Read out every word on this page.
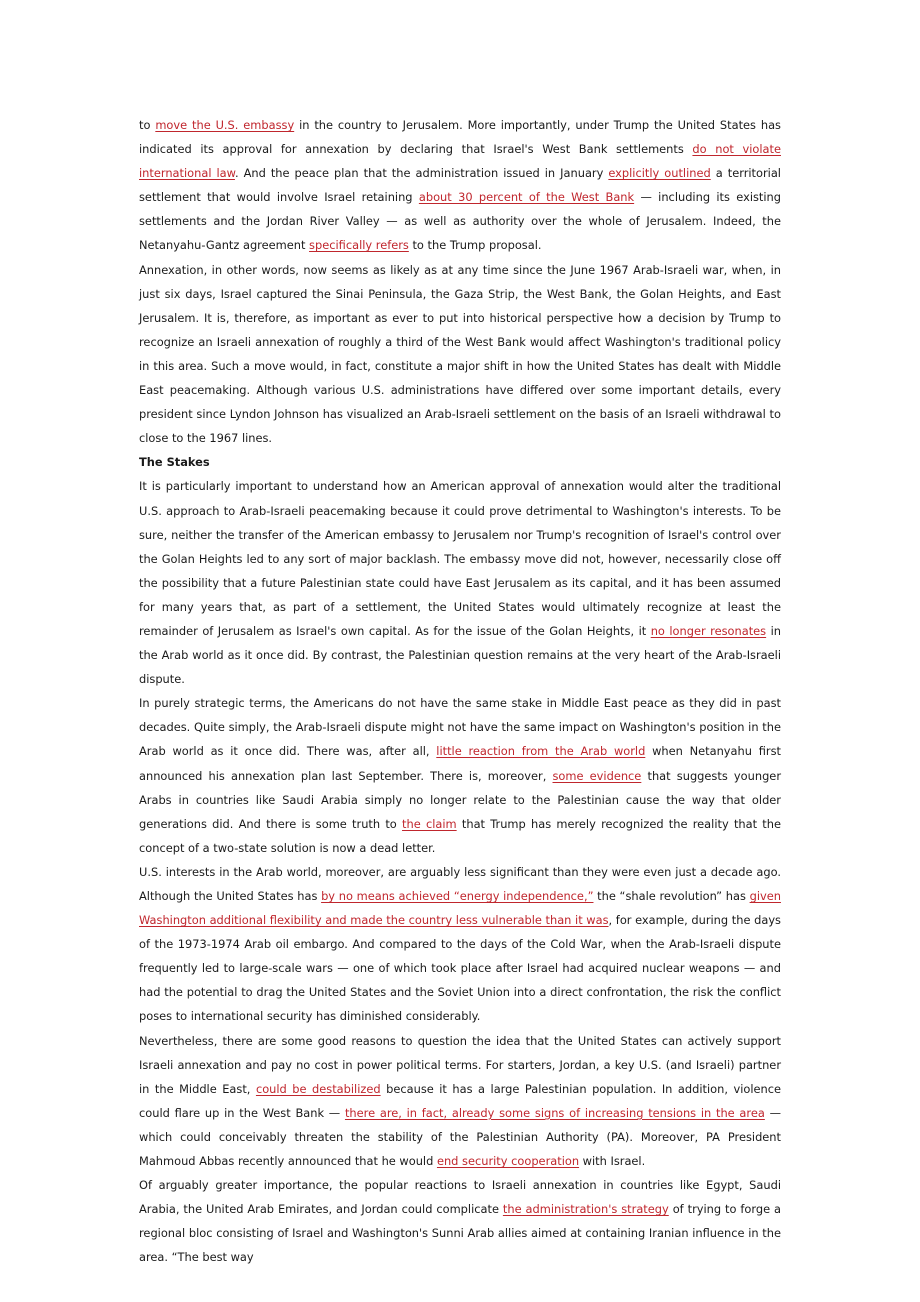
to move the U.S. embassy in the country to Jerusalem. More importantly, under Trump the United States has indicated its approval for annexation by declaring that Israel's West Bank settlements do not violate international law. And the peace plan that the administration issued in January explicitly outlined a territorial settlement that would involve Israel retaining about 30 percent of the West Bank — including its existing settlements and the Jordan River Valley — as well as authority over the whole of Jerusalem. Indeed, the Netanyahu-Gantz agreement specifically refers to the Trump proposal.

Annexation, in other words, now seems as likely as at any time since the June 1967 Arab-Israeli war, when, in just six days, Israel captured the Sinai Peninsula, the Gaza Strip, the West Bank, the Golan Heights, and East Jerusalem. It is, therefore, as important as ever to put into historical perspective how a decision by Trump to recognize an Israeli annexation of roughly a third of the West Bank would affect Washington's traditional policy in this area. Such a move would, in fact, constitute a major shift in how the United States has dealt with Middle East peacemaking. Although various U.S. administrations have differed over some important details, every president since Lyndon Johnson has visualized an Arab-Israeli settlement on the basis of an Israeli withdrawal to close to the 1967 lines.

The Stakes

It is particularly important to understand how an American approval of annexation would alter the traditional U.S. approach to Arab-Israeli peacemaking because it could prove detrimental to Washington's interests. To be sure, neither the transfer of the American embassy to Jerusalem nor Trump's recognition of Israel's control over the Golan Heights led to any sort of major backlash. The embassy move did not, however, necessarily close off the possibility that a future Palestinian state could have East Jerusalem as its capital, and it has been assumed for many years that, as part of a settlement, the United States would ultimately recognize at least the remainder of Jerusalem as Israel's own capital. As for the issue of the Golan Heights, it no longer resonates in the Arab world as it once did. By contrast, the Palestinian question remains at the very heart of the Arab-Israeli dispute.

In purely strategic terms, the Americans do not have the same stake in Middle East peace as they did in past decades. Quite simply, the Arab-Israeli dispute might not have the same impact on Washington's position in the Arab world as it once did. There was, after all, little reaction from the Arab world when Netanyahu first announced his annexation plan last September. There is, moreover, some evidence that suggests younger Arabs in countries like Saudi Arabia simply no longer relate to the Palestinian cause the way that older generations did. And there is some truth to the claim that Trump has merely recognized the reality that the concept of a two-state solution is now a dead letter.

U.S. interests in the Arab world, moreover, are arguably less significant than they were even just a decade ago. Although the United States has by no means achieved “energy independence,” the “shale revolution” has given Washington additional flexibility and made the country less vulnerable than it was, for example, during the days of the 1973-1974 Arab oil embargo. And compared to the days of the Cold War, when the Arab-Israeli dispute frequently led to large-scale wars — one of which took place after Israel had acquired nuclear weapons — and had the potential to drag the United States and the Soviet Union into a direct confrontation, the risk the conflict poses to international security has diminished considerably.

Nevertheless, there are some good reasons to question the idea that the United States can actively support Israeli annexation and pay no cost in power political terms. For starters, Jordan, a key U.S. (and Israeli) partner in the Middle East, could be destabilized because it has a large Palestinian population. In addition, violence could flare up in the West Bank — there are, in fact, already some signs of increasing tensions in the area — which could conceivably threaten the stability of the Palestinian Authority (PA). Moreover, PA President Mahmoud Abbas recently announced that he would end security cooperation with Israel.

Of arguably greater importance, the popular reactions to Israeli annexation in countries like Egypt, Saudi Arabia, the United Arab Emirates, and Jordan could complicate the administration's strategy of trying to forge a regional bloc consisting of Israel and Washington's Sunni Arab allies aimed at containing Iranian influence in the area. “The best way
